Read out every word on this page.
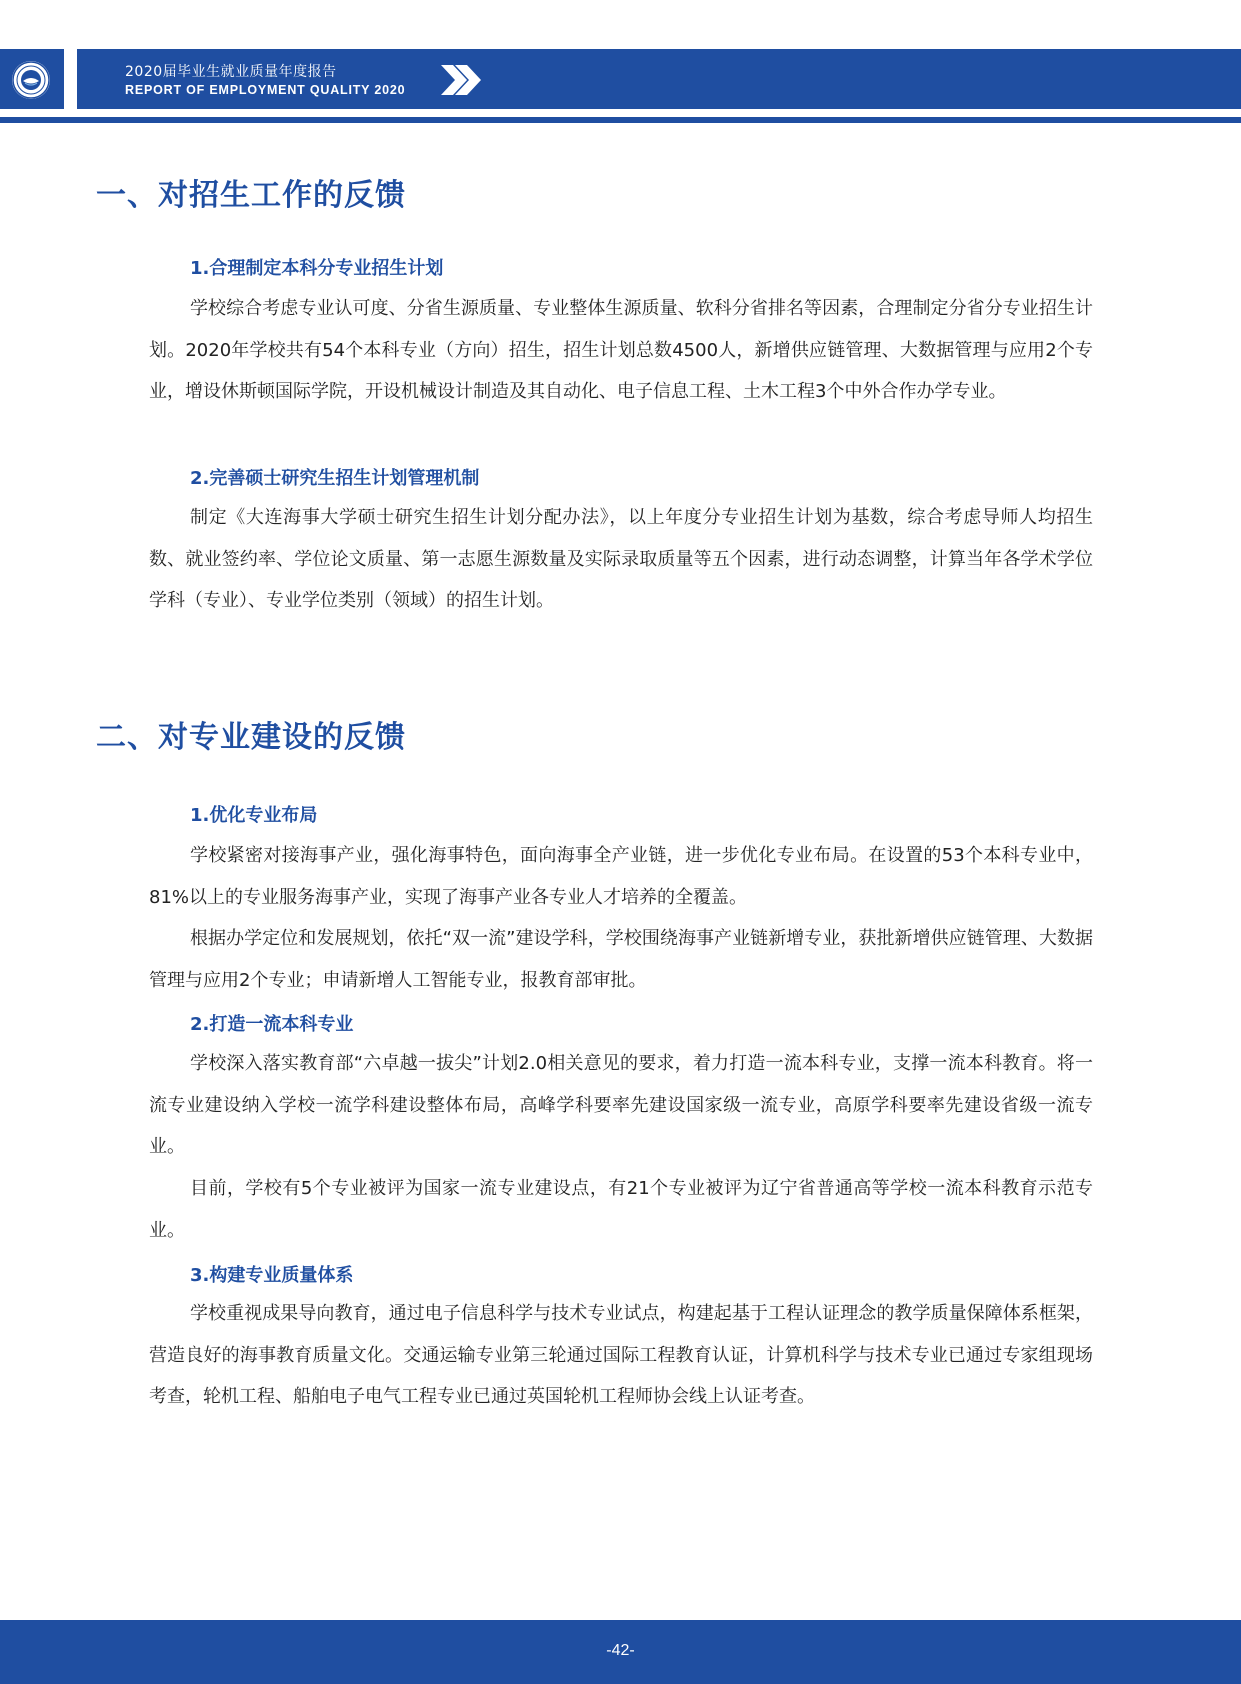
2020届毕业生就业质量年度报告
REPORT OF EMPLOYMENT QUALITY 2020
一、对招生工作的反馈
1.合理制定本科分专业招生计划
学校综合考虑专业认可度、分省生源质量、专业整体生源质量、软科分省排名等因素，合理制定分省分专业招生计划。2020年学校共有54个本科专业（方向）招生，招生计划总数4500人，新增供应链管理、大数据管理与应用2个专业，增设休斯顿国际学院，开设机械设计制造及其自动化、电子信息工程、土木工程3个中外合作办学专业。
2.完善硕士研究生招生计划管理机制
制定《大连海事大学硕士研究生招生计划分配办法》，以上年度分专业招生计划为基数，综合考虑导师人均招生数、就业签约率、学位论文质量、第一志愿生源数量及实际录取质量等五个因素，进行动态调整，计算当年各学术学位学科（专业）、专业学位类别（领域）的招生计划。
二、对专业建设的反馈
1.优化专业布局
学校紧密对接海事产业，强化海事特色，面向海事全产业链，进一步优化专业布局。在设置的53个本科专业中，81%以上的专业服务海事产业，实现了海事产业各专业人才培养的全覆盖。
根据办学定位和发展规划，依托“双一流”建设学科，学校围绕海事产业链新增专业，获批新增供应链管理、大数据管理与应用2个专业；申请新增人工智能专业，报教育部审批。
2.打造一流本科专业
学校深入落实教育部“六卓越一拔尖”计划2.0相关意见的要求，着力打造一流本科专业，支撑一流本科教育。将一流专业建设纳入学校一流学科建设整体布局，高峰学科要率先建设国家级一流专业，高原学科要率先建设省级一流专业。
目前，学校有5个专业被评为国家一流专业建设点，有21个专业被评为辽宁省普通高等学校一流本科教育示范专业。
3.构建专业质量体系
学校重视成果导向教育，通过电子信息科学与技术专业试点，构建起基于工程认证理念的教学质量保障体系框架，营造良好的海事教育质量文化。交通运输专业第三轮通过国际工程教育认证，计算机科学与技术专业已通过专家组现场考查，轮机工程、船舶电子电气工程专业已通过英国轮机工程师协会线上认证考查。
-42-
